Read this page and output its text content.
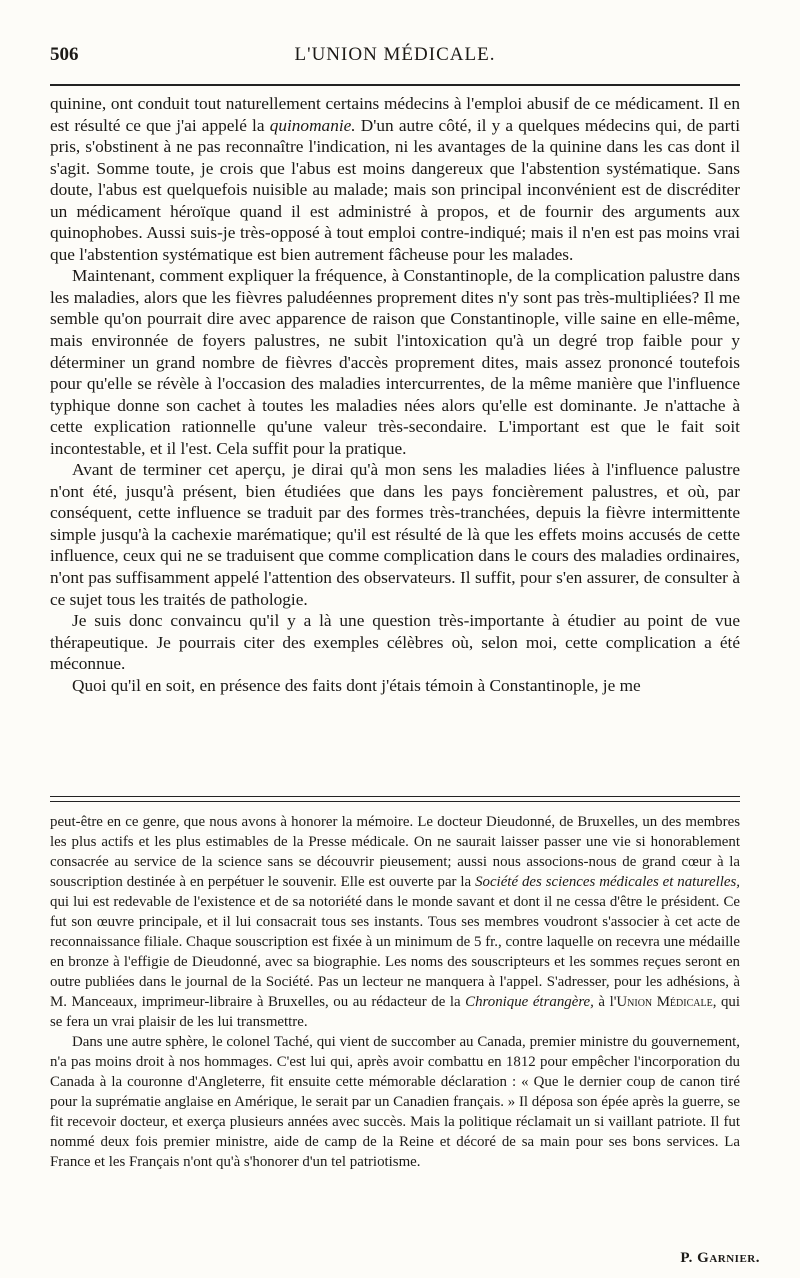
506	L'UNION MÉDICALE.

quinine, ont conduit tout naturellement certains médecins à l'emploi abusif de ce médicament. Il en est résulté ce que j'ai appelé la quinomanie. D'un autre côté, il y a quelques médecins qui, de parti pris, s'obstinent à ne pas reconnaître l'indication, ni les avantages de la quinine dans les cas dont il s'agit. Somme toute, je crois que l'abus est moins dangereux que l'abstention systématique. Sans doute, l'abus est quelquefois nuisible au malade; mais son principal inconvénient est de discréditer un médicament héroïque quand il est administré à propos, et de fournir des arguments aux quinophobes. Aussi suis-je très-opposé à tout emploi contre-indiqué; mais il n'en est pas moins vrai que l'abstention systématique est bien autrement fâcheuse pour les malades.

Maintenant, comment expliquer la fréquence, à Constantinople, de la complication palustre dans les maladies, alors que les fièvres paludéennes proprement dites n'y sont pas très-multipliées? Il me semble qu'on pourrait dire avec apparence de raison que Constantinople, ville saine en elle-même, mais environnée de foyers palustres, ne subit l'intoxication qu'à un degré trop faible pour y déterminer un grand nombre de fièvres d'accès proprement dites, mais assez prononcé toutefois pour qu'elle se révèle à l'occasion des maladies intercurrentes, de la même manière que l'influence typhique donne son cachet à toutes les maladies nées alors qu'elle est dominante. Je n'attache à cette explication rationnelle qu'une valeur très-secondaire. L'important est que le fait soit incontestable, et il l'est. Cela suffit pour la pratique.

Avant de terminer cet aperçu, je dirai qu'à mon sens les maladies liées à l'influence palustre n'ont été, jusqu'à présent, bien étudiées que dans les pays foncièrement palustres, et où, par conséquent, cette influence se traduit par des formes très-tranchées, depuis la fièvre intermittente simple jusqu'à la cachexie marématique; qu'il est résulté de là que les effets moins accusés de cette influence, ceux qui ne se traduisent que comme complication dans le cours des maladies ordinaires, n'ont pas suffisamment appelé l'attention des observateurs. Il suffit, pour s'en assurer, de consulter à ce sujet tous les traités de pathologie.

Je suis donc convaincu qu'il y a là une question très-importante à étudier au point de vue thérapeutique. Je pourrais citer des exemples célèbres où, selon moi, cette complication a été méconnue.

Quoi qu'il en soit, en présence des faits dont j'étais témoin à Constantinople, je me

peut-être en ce genre, que nous avons à honorer la mémoire. Le docteur Dieudonné, de Bruxelles, un des membres les plus actifs et les plus estimables de la Presse médicale. On ne saurait laisser passer une vie si honorablement consacrée au service de la science sans se découvrir pieusement; aussi nous associons-nous de grand cœur à la souscription destinée à en perpétuer le souvenir. Elle est ouverte par la Société des sciences médicales et naturelles, qui lui est redevable de l'existence et de sa notoriété dans le monde savant et dont il ne cessa d'être le président. Ce fut son œuvre principale, et il lui consacrait tous ses instants. Tous ses membres voudront s'associer à cet acte de reconnaissance filiale. Chaque souscription est fixée à un minimum de 5 fr., contre laquelle on recevra une médaille en bronze à l'effigie de Dieudonné, avec sa biographie. Les noms des souscripteurs et les sommes reçues seront en outre publiées dans le journal de la Société. Pas un lecteur ne manquera à l'appel. S'adresser, pour les adhésions, à M. Manceaux, imprimeur-libraire à Bruxelles, ou au rédacteur de la Chronique étrangère, à l'Union Médicale, qui se fera un vrai plaisir de les lui transmettre.

Dans une autre sphère, le colonel Taché, qui vient de succomber au Canada, premier ministre du gouvernement, n'a pas moins droit à nos hommages. C'est lui qui, après avoir combattu en 1812 pour empêcher l'incorporation du Canada à la couronne d'Angleterre, fit ensuite cette mémorable déclaration : « Que le dernier coup de canon tiré pour la suprématie anglaise en Amérique, le serait par un Canadien français. » Il déposa son épée après la guerre, se fit recevoir docteur, et exerça plusieurs années avec succès. Mais la politique réclamait un si vaillant patriote. Il fut nommé deux fois premier ministre, aide de camp de la Reine et décoré de sa main pour ses bons services. La France et les Français n'ont qu'à s'honorer d'un tel patriotisme.

P. Garnier.
